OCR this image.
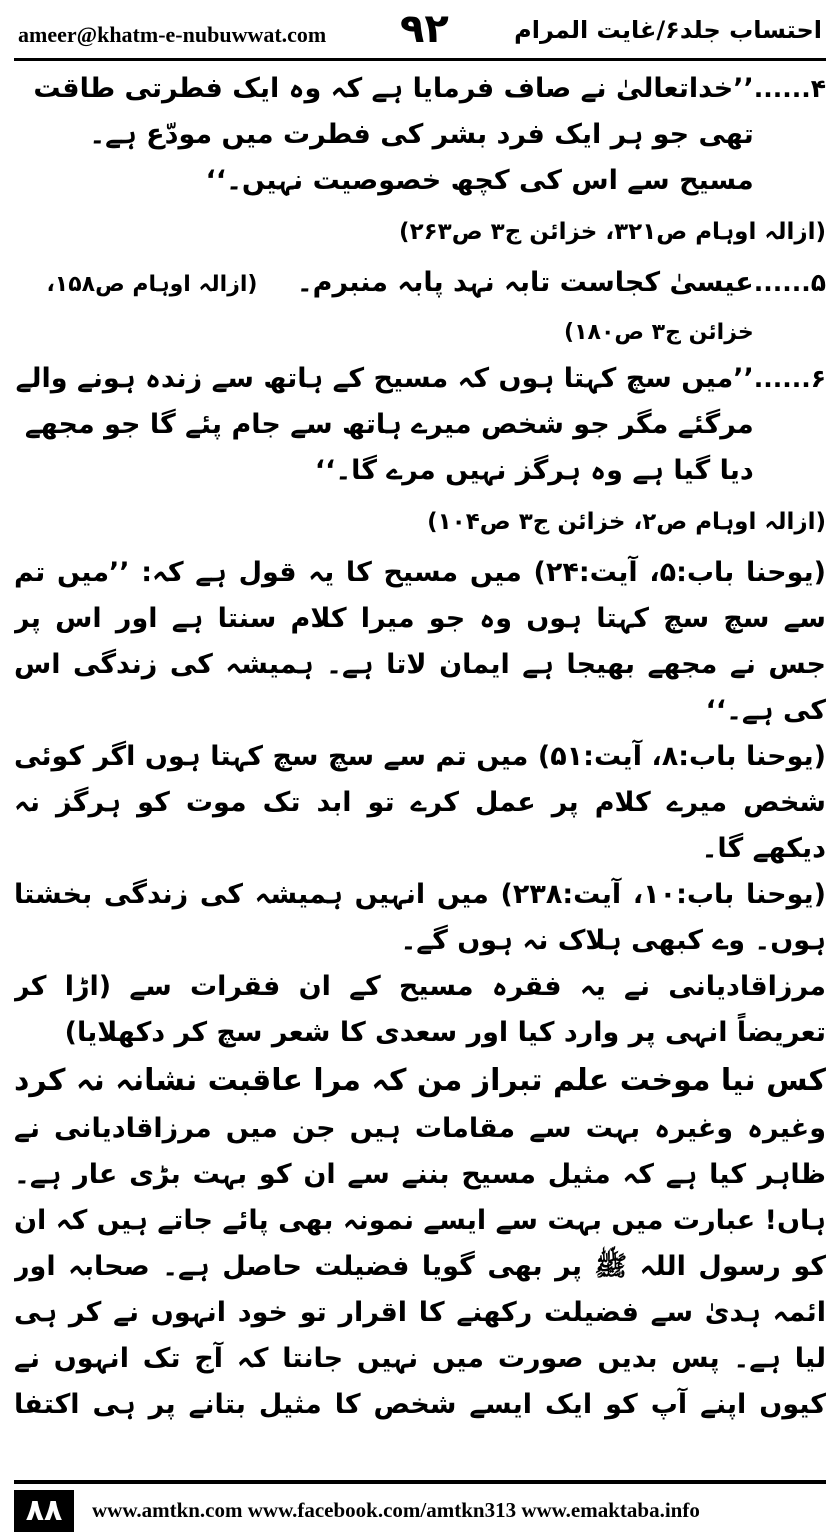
ameer@khatm-e-nubuwwat.com ۹۲	احتساب جلد۶/غایت المرام
۴......
’’خداتعالیٰ نے صاف فرمایا ہے کہ وہ ایک فطرتی طاقت تھی جو ہر ایک فرد بشر کی فطرت میں مودّع ہے۔ مسیح سے اس کی کچھ خصوصیت نہیں۔‘‘

(ازالہ اوہام ص۳۲۱، خزائن ج۳ ص۲۶۳)

۵......
عیسیٰ کجاست تابہ نہد پابہ منبرم۔ (ازالہ اوہام ص۱۵۸، خزائن ج۳ ص۱۸۰)
۶......
’’میں سچ کہتا ہوں کہ مسیح کے ہاتھ سے زندہ ہونے والے مرگئے مگر جو شخص میرے ہاتھ سے جام پئے گا جو مجھے دیا گیا ہے وہ ہرگز نہیں مرے گا۔‘‘

(ازالہ اوہام ص۲، خزائن ج۳ ص۱۰۴)

(یوحنا باب:۵، آیت:۲۴) میں مسیح کا یہ قول ہے کہ: ’’میں تم سے سچ سچ کہتا ہوں وہ جو میرا کلام سنتا ہے اور اس پر جس نے مجھے بھیجا ہے ایمان لاتا ہے۔ ہمیشہ کی زندگی اس کی ہے۔‘‘

(یوحنا باب:۸، آیت:۵۱) میں تم سے سچ سچ کہتا ہوں اگر کوئی شخص میرے کلام پر عمل کرے تو ابد تک موت کو ہرگز نہ دیکھے گا۔

(یوحنا باب:۱۰، آیت:۲۳۸) میں انہیں ہمیشہ کی زندگی بخشتا ہوں۔ وے کبھی ہلاک نہ ہوں گے۔

مرزاقادیانی نے یہ فقرہ مسیح کے ان فقرات سے (اڑا کر تعریضاً انہی پر وارد کیا اور سعدی کا شعر سچ کر دکھلایا)

کس نیا موخت علم تبراز من
کہ مرا عاقبت نشانہ نہ کرد

وغیرہ وغیرہ بہت سے مقامات ہیں جن میں مرزاقادیانی نے ظاہر کیا ہے کہ مثیل مسیح بننے سے ان کو بہت بڑی عار ہے۔ ہاں! عبارت میں بہت سے ایسے نمونہ بھی پائے جاتے ہیں کہ ان کو رسول اللہ ﷺ پر بھی گویا فضیلت حاصل ہے۔ صحابہ اور ائمہ ہدیٰ سے فضیلت رکھنے کا اقرار تو خود انہوں نے کر ہی لیا ہے۔ پس بدیں صورت میں نہیں جانتا کہ آج تک انہوں نے کیوں اپنے آپ کو ایک ایسے شخص کا مثیل بتانے پر ہی اکتفا

۸۸	www.amtkn.com www.facebook.com/amtkn313 www.emaktaba.info
